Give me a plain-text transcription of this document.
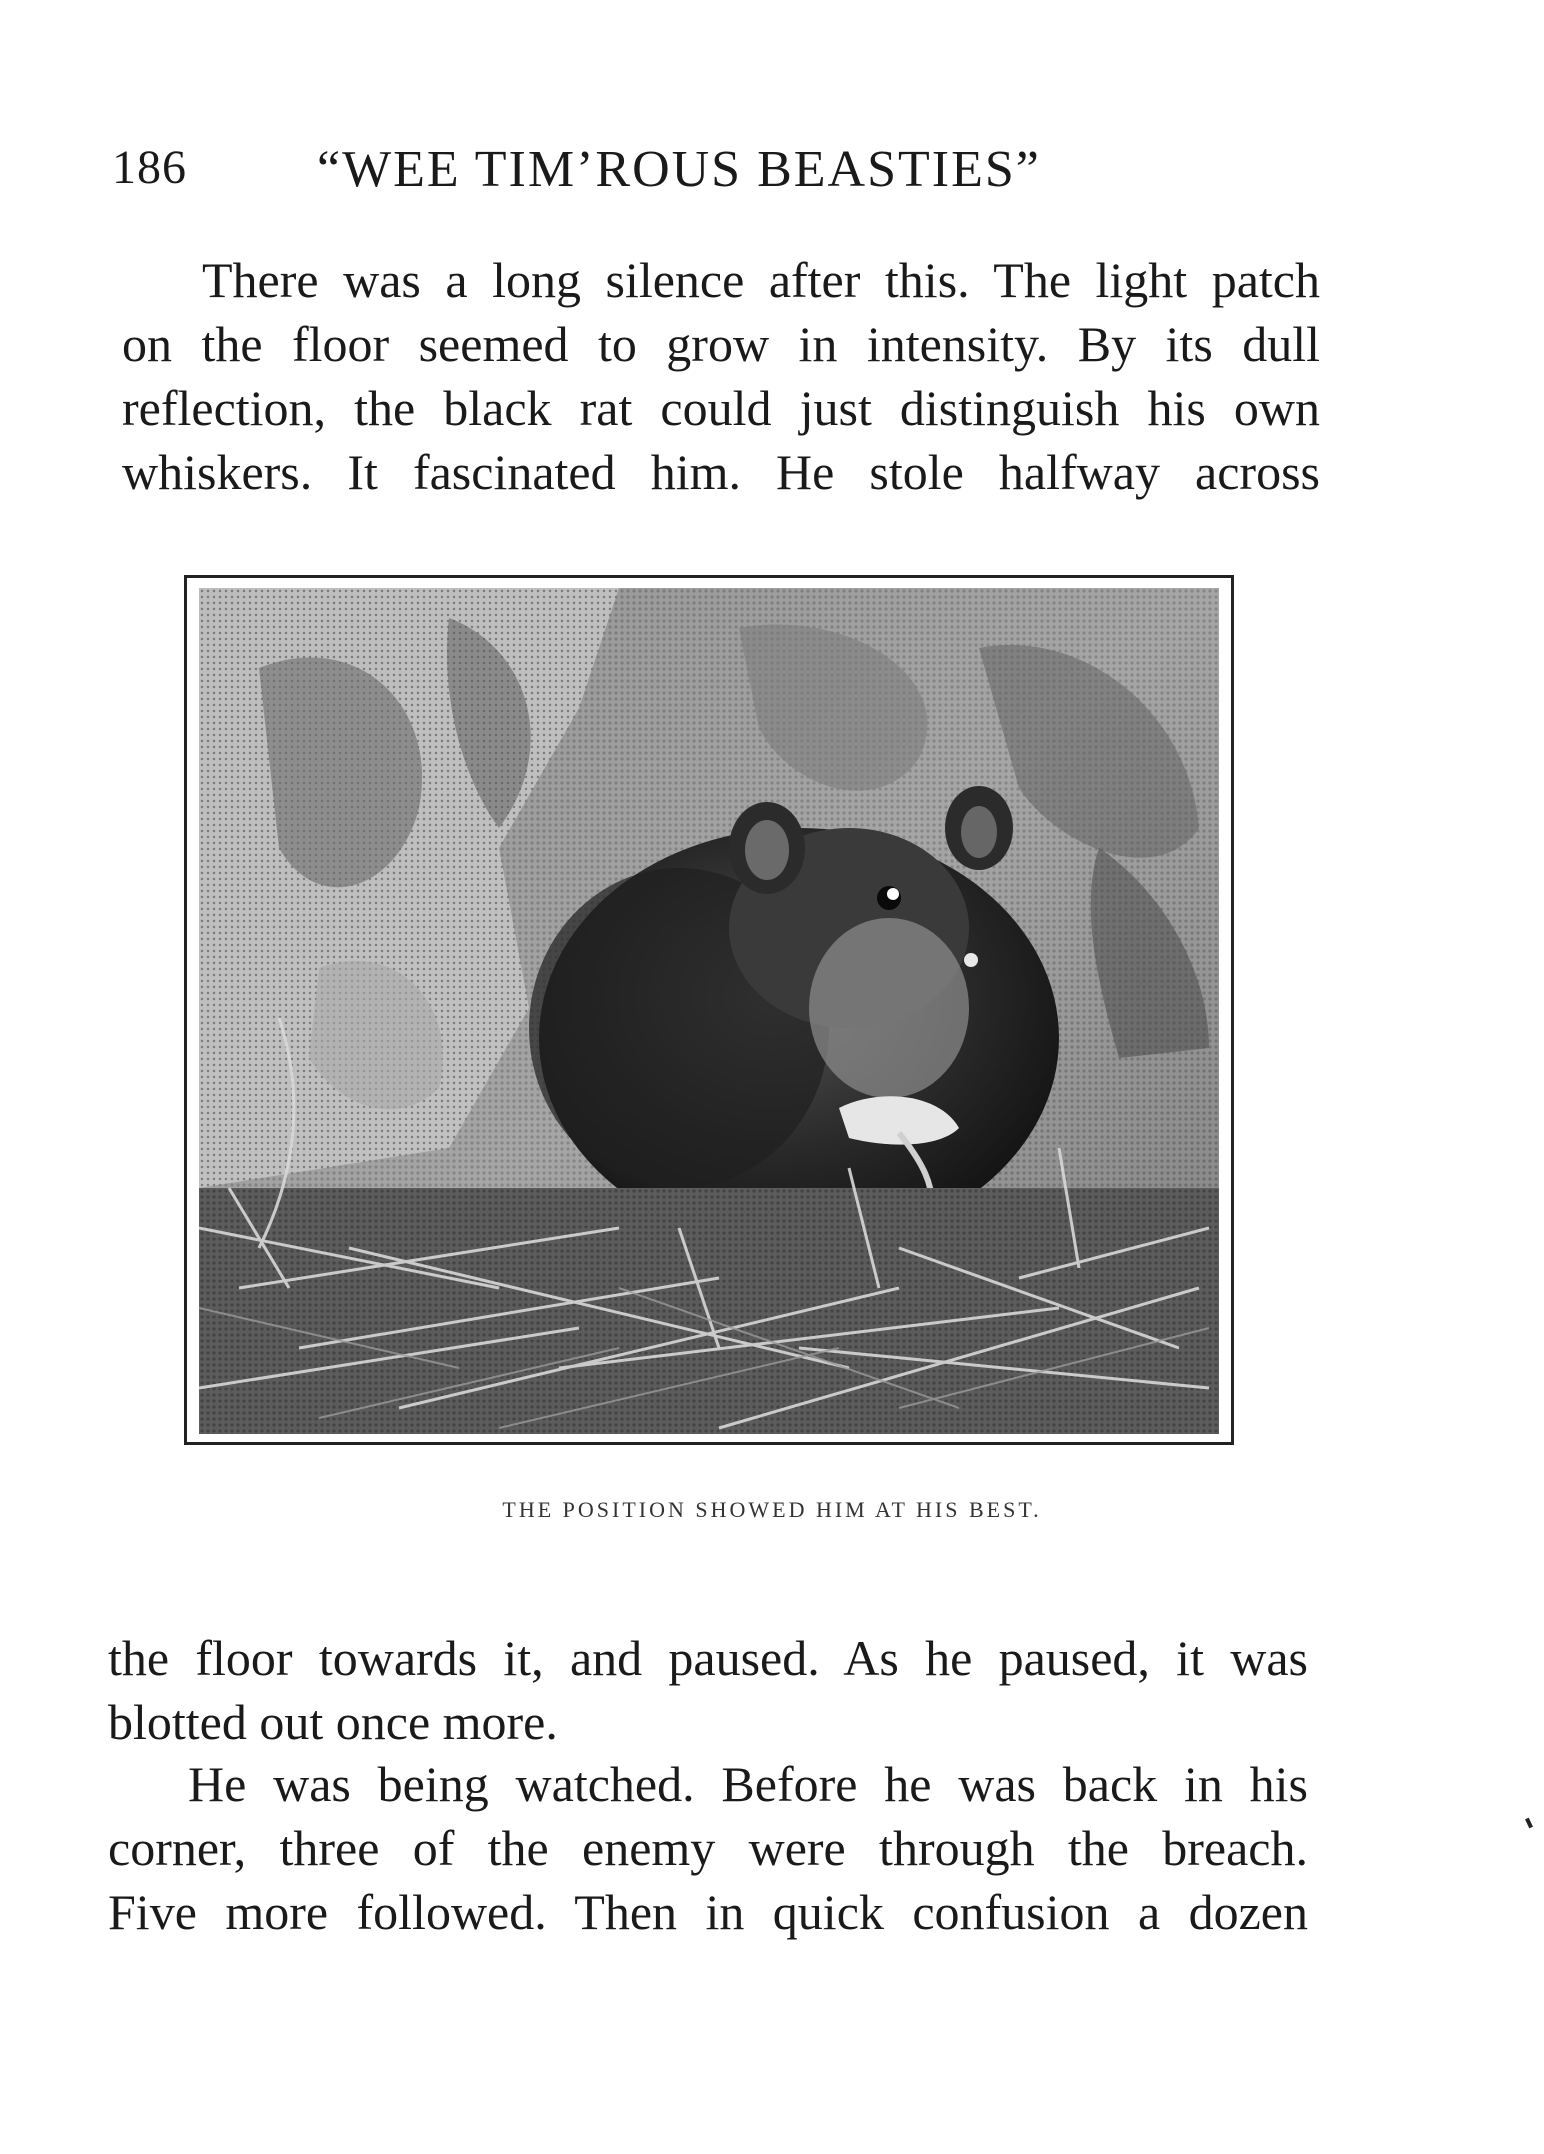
186	“WEE TIM’ROUS BEASTIES”
There was a long silence after this. The light patch
on the floor seemed to grow in intensity. By its dull
reflection, the black rat could just distinguish his own
whiskers. It fascinated him. He stole halfway across
THE POSITION SHOWED HIM AT HIS BEST.
the floor towards it, and paused. As he paused, it was
blotted out once more.
He was being watched. Before he was back in his
corner, three of the enemy were through the breach.
Five more followed. Then in quick confusion a dozen
